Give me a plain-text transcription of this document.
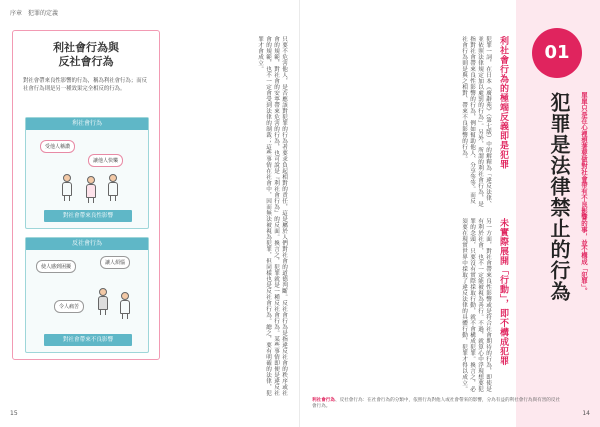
序章　犯罪的定義
利社會行為與
反社會行為
對社會帶來良性影響的行為，稱為利社會行為；而反社會行為則是另一種效果完全相反的行為。
利社會行為
受他人稱讚
讓他人快樂
對社會帶來良性影響
反社會行為
使人感到困擾
讓人煩惱
令人痛苦
對社會帶來不良影響	只要不危害他人，是否應該對犯罪的行為者要求負起相對的責任，這是屬於人們對社會的道德判斷。反社會行為是指違反社會的秩序或社會的規範，對社會的安寧帶來危害的行為，也可說是『利社會行為』的反面。換言之，犯罪就是一種反社會行為。某些事情即便是違反社會的規範，也不一定會受到法律的制裁；這些事情在社會中，因而無法被視為犯罪，但同樣也是反社會行為。總之，要有明確的法律，犯罪才會成立。
15
01
犯罪是法律禁止的行為	單單只是在心裡想著要做對社會帶有不良影響的事，並不構成「犯罪」。
14
利社會行為的極端反義即是犯罪
犯罪一詞，在日本《廣辭苑》（第七版）中的解釋為「違反法律、並依照法律規定加以處罰的行為」。另外，所謂的利社會行為，是指對社會帶來良性影響的行為，例如幫助他人、分享等等。而反社會行為則是與之相對、帶來不良影響的行為。
未實際展開「行動」，即不構成犯罪
另一方面，對社會帶來良性影響或是符合社會期待的行為，即使是有利於社會，也不一定能被視為善行。不過，就算心中浮現想要犯罪的念頭，只要沒有實際採取行動，就不會構成犯罪。換言之，必須要在現實世界中採取了違反法律的具體行動，犯罪才得以成立。
利社會行為、反社會行為：在社會行為的分類中，依照行為對他人或社會帶來的影響，分為有益的利社會行為與有害的反社會行為。
